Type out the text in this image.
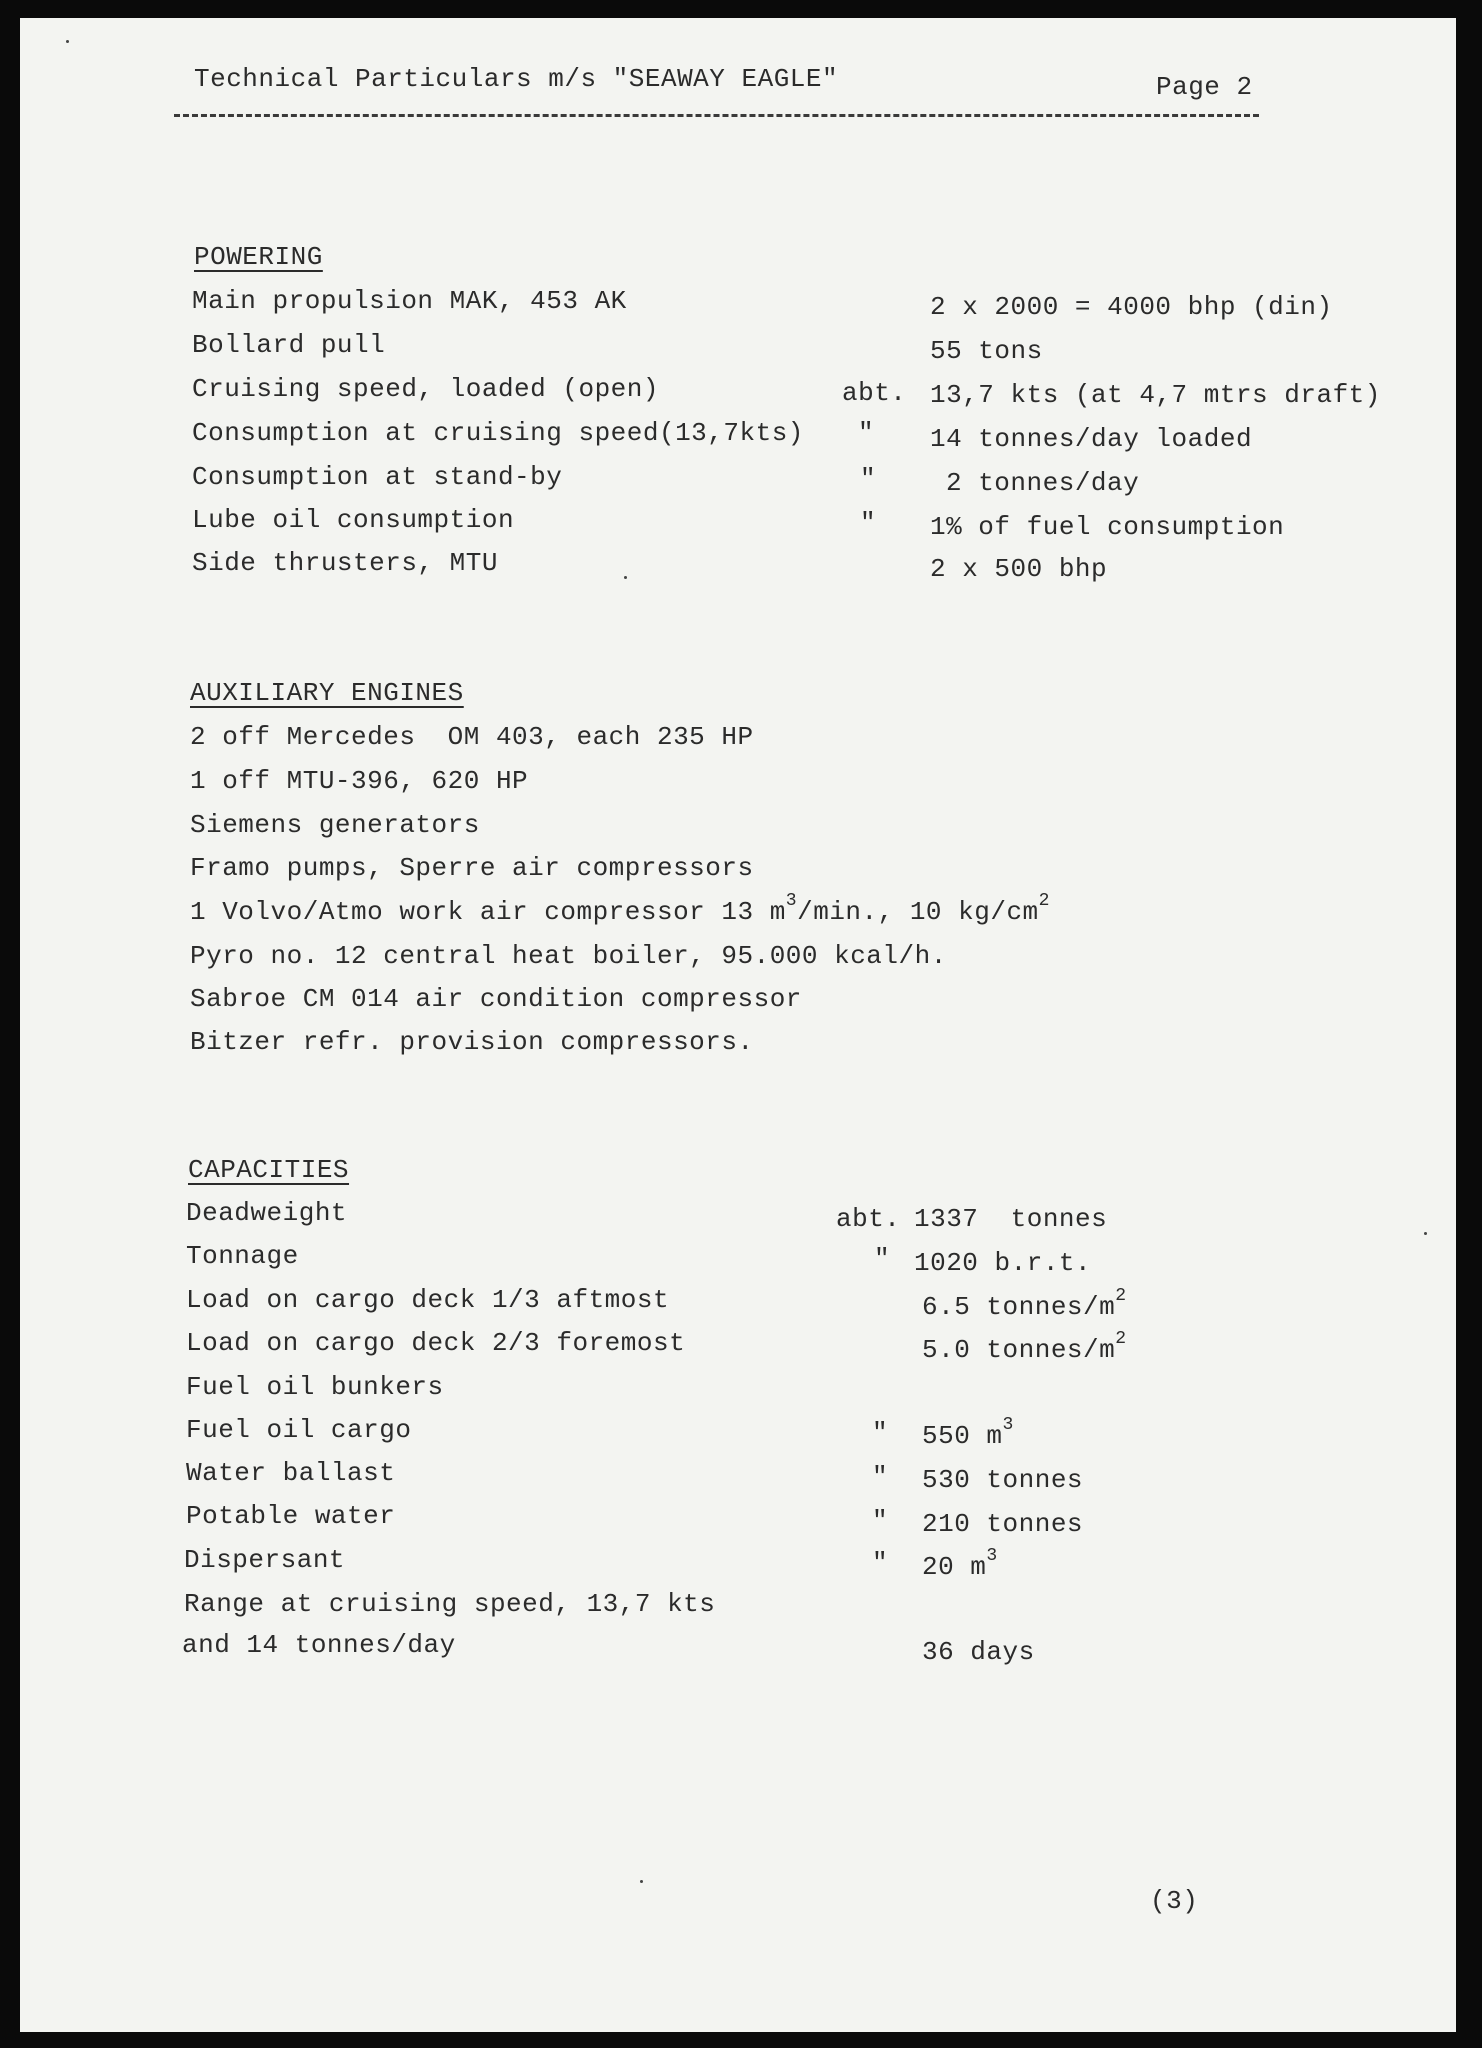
Technical Particulars m/s "SEAWAY EAGLE"	Page 2
POWERING
Main propulsion MAK, 453 AK	2 x 2000 = 4000 bhp (din)
Bollard pull	55 tons
Cruising speed, loaded (open)	abt. 13,7 kts (at 4,7 mtrs draft)
Consumption at cruising speed(13,7kts) " 14 tonnes/day loaded
Consumption at stand-by	"	2 tonnes/day
Lube oil consumption	" 1% of fuel consumption
Side thrusters, MTU	2 x 500 bhp
AUXILIARY ENGINES
2 off Mercedes  OM 403, each 235 HP
1 off MTU-396, 620 HP
Siemens generators
Framo pumps, Sperre air compressors
1 Volvo/Atmo work air compressor 13 $m^3/\min$., 10 $kg/cm^2$
Pyro no. 12 central heat boiler, 95.000 kcal/h.
Sabroe CM 014 air condition compressor
Bitzer refr. provision compressors.
CAPACITIES
Deadweight	abt. 1337  tonnes
Tonnage	" 1020 b.r.t.
Load on cargo deck 1/3 aftmost	6.5 tonnes/$m^2$
Load on cargo deck 2/3 foremost	5.0 tonnes/$m^2$
Fuel oil bunkers
Fuel oil cargo	" 550 $m^3$
Water ballast	" 530 tonnes
Potable water	" 210 tonnes
Dispersant	" 20 $m^3$
Range at cruising speed, 13,7 kts
and 14 tonnes/day	36 days
(3)
